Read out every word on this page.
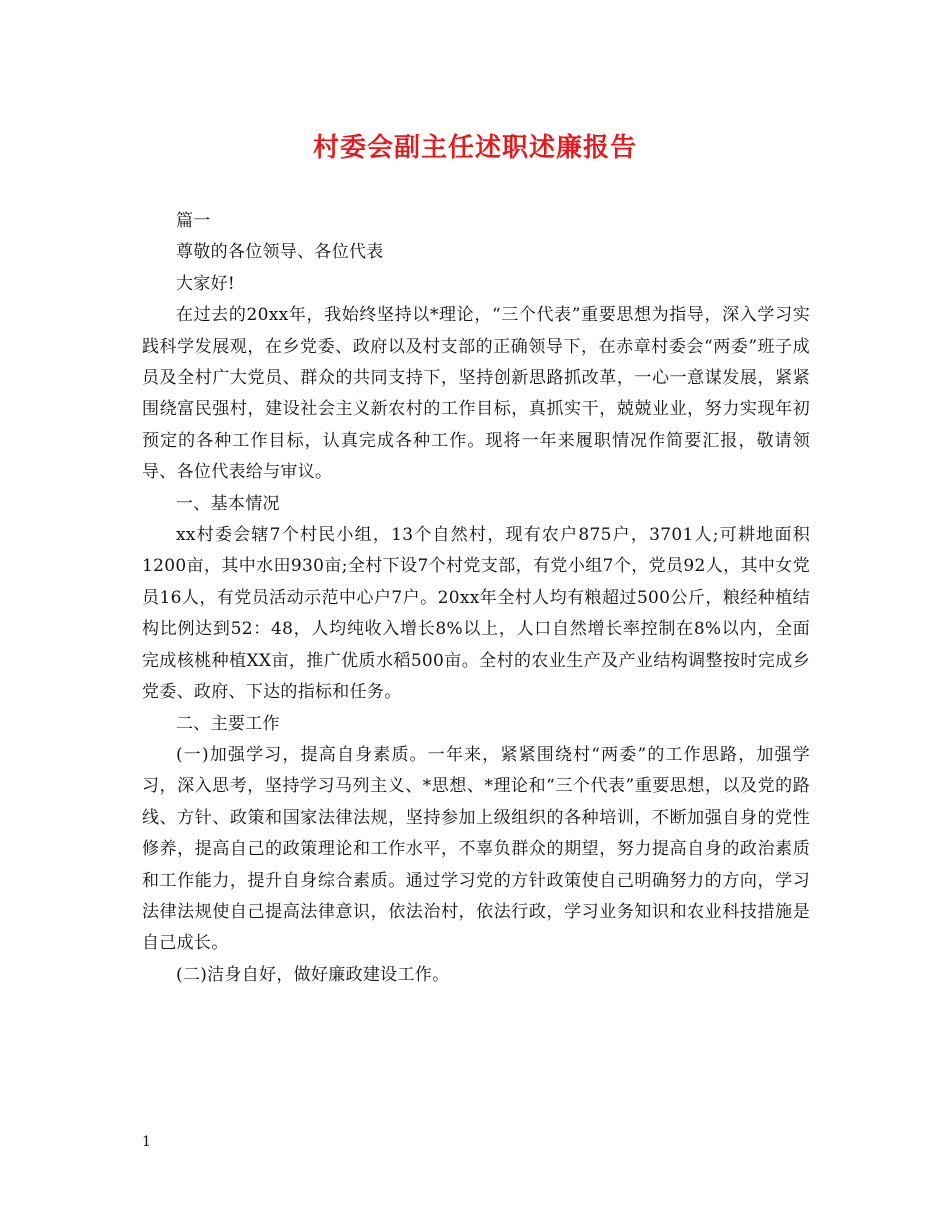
村委会副主任述职述廉报告

篇一

尊敬的各位领导、各位代表

大家好!

在过去的20xx年，我始终坚持以*理论，“三个代表”重要思想为指导，深入学习实践科学发展观，在乡党委、政府以及村支部的正确领导下，在赤章村委会“两委”班子成员及全村广大党员、群众的共同支持下，坚持创新思路抓改革，一心一意谋发展，紧紧围绕富民强村，建设社会主义新农村的工作目标，真抓实干，兢兢业业，努力实现年初预定的各种工作目标，认真完成各种工作。现将一年来履职情况作简要汇报，敬请领导、各位代表给与审议。

一、基本情况

xx村委会辖7个村民小组，13个自然村，现有农户875户，3701人;可耕地面积1200亩，其中水田930亩;全村下设7个村党支部，有党小组7个，党员92人，其中女党员16人，有党员活动示范中心户7户。20xx年全村人均有粮超过500公斤，粮经种植结构比例达到52：48，人均纯收入增长8%以上，人口自然增长率控制在8%以内，全面完成核桃种植XX亩，推广优质水稻500亩。全村的农业生产及产业结构调整按时完成乡党委、政府、下达的指标和任务。

二、主要工作

(一)加强学习，提高自身素质。一年来，紧紧围绕村“两委”的工作思路，加强学习，深入思考，坚持学习马列主义、*思想、*理论和“三个代表”重要思想，以及党的路线、方针、政策和国家法律法规，坚持参加上级组织的各种培训，不断加强自身的党性修养，提高自己的政策理论和工作水平，不辜负群众的期望，努力提高自身的政治素质和工作能力，提升自身综合素质。通过学习党的方针政策使自己明确努力的方向，学习法律法规使自己提高法律意识，依法治村，依法行政，学习业务知识和农业科技措施是自己成长。

(二)洁身自好，做好廉政建设工作。

1
